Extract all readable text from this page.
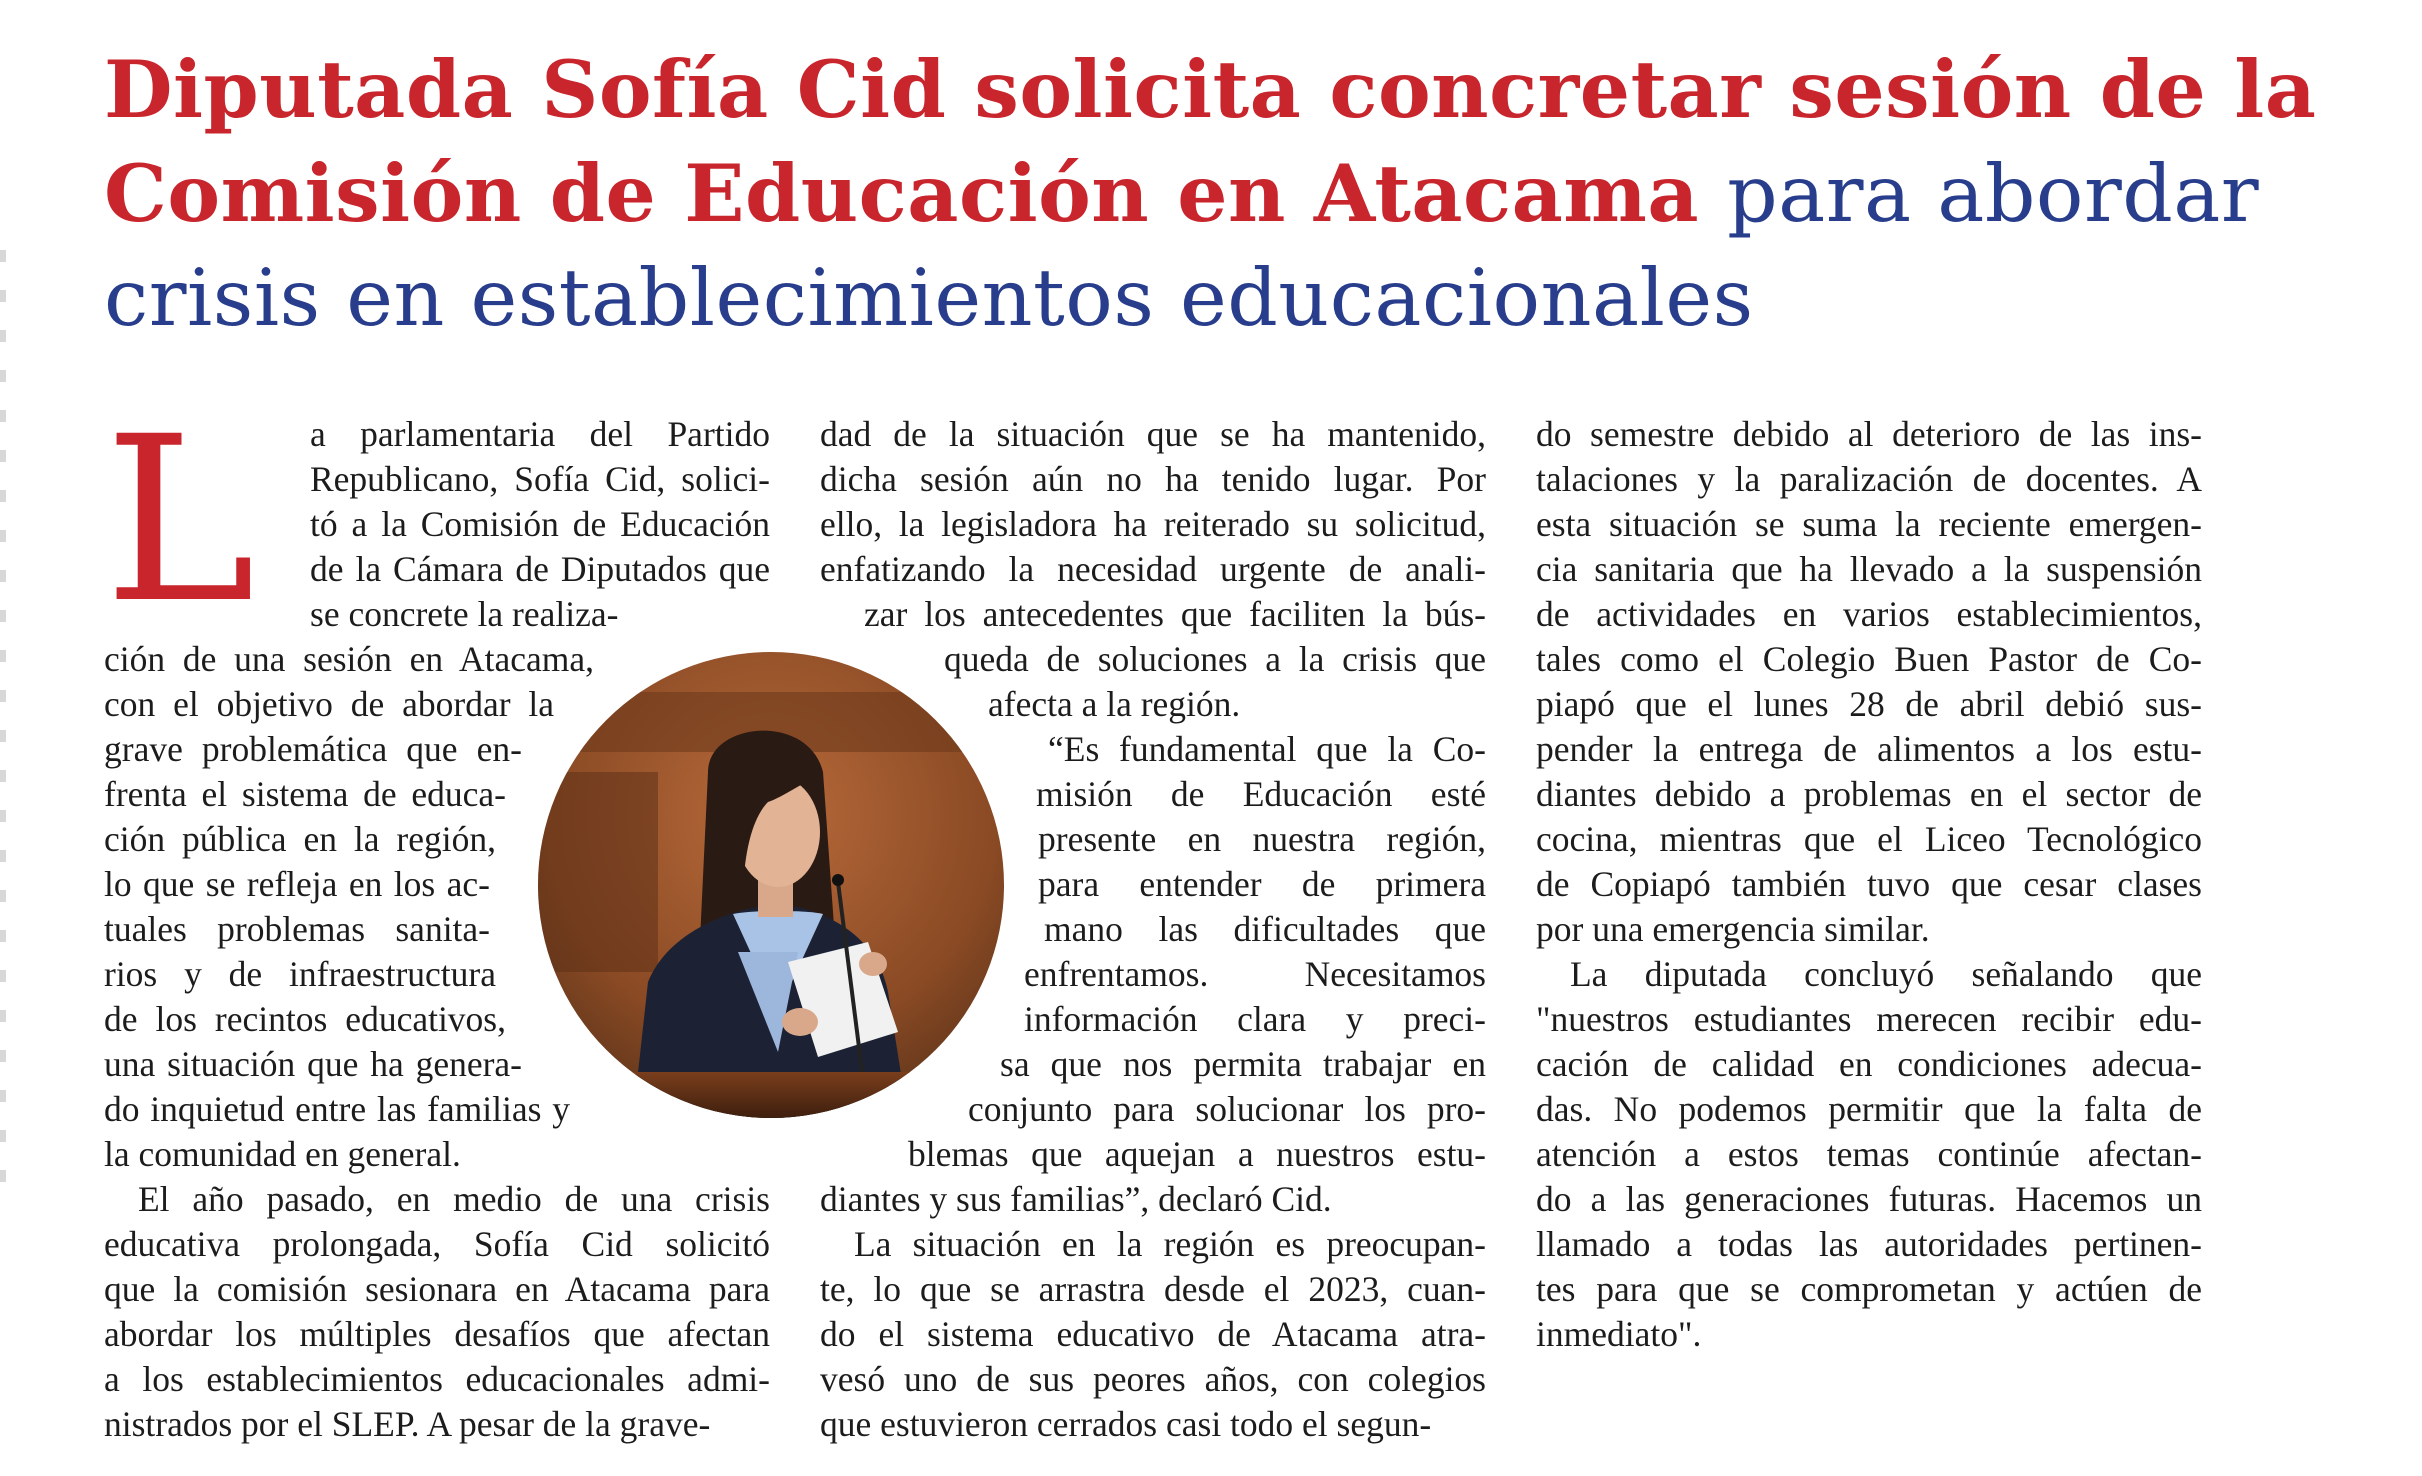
Diputada Sofía Cid solicita concretar sesión de la Comisión de Educación en Atacama para abordar crisis en establecimientos educacionales
L a parlamentaria del Partido
Republicano, Sofía Cid, solici-
tó a la Comisión de Educación
de la Cámara de Diputados que
se concrete la realiza-
ción de una sesión en Atacama,
con el objetivo de abordar la
grave problemática que en-
frenta el sistema de educa-
ción pública en la región,
lo que se refleja en los ac-
tuales problemas sanita-
rios y de infraestructura
de los recintos educativos,
una situación que ha genera-
do inquietud entre las familias y
la comunidad en general.
El año pasado, en medio de una crisis
educativa prolongada, Sofía Cid solicitó
que la comisión sesionara en Atacama para
abordar los múltiples desafíos que afectan
a los establecimientos educacionales admi-
nistrados por el SLEP. A pesar de la grave-
dad de la situación que se ha mantenido,
dicha sesión aún no ha tenido lugar. Por
ello, la legisladora ha reiterado su solicitud,
enfatizando la necesidad urgente de anali-
zar los antecedentes que faciliten la bús-
queda de soluciones a la crisis que
afecta a la región.
“Es fundamental que la Co-
misión de Educación esté
presente en nuestra región,
para entender de primera
mano las dificultades que
enfrentamos. Necesitamos
información clara y preci-
sa que nos permita trabajar en
conjunto para solucionar los pro-
blemas que aquejan a nuestros estu-
diantes y sus familias”, declaró Cid.
La situación en la región es preocupan-
te, lo que se arrastra desde el 2023, cuan-
do el sistema educativo de Atacama atra-
vesó uno de sus peores años, con colegios
que estuvieron cerrados casi todo el segun-
do semestre debido al deterioro de las ins-
talaciones y la paralización de docentes. A
esta situación se suma la reciente emergen-
cia sanitaria que ha llevado a la suspensión
de actividades en varios establecimientos,
tales como el Colegio Buen Pastor de Co-
piapó que el lunes 28 de abril debió sus-
pender la entrega de alimentos a los estu-
diantes debido a problemas en el sector de
cocina, mientras que el Liceo Tecnológico
de Copiapó también tuvo que cesar clases
por una emergencia similar.
La diputada concluyó señalando que
"nuestros estudiantes merecen recibir edu-
cación de calidad en condiciones adecua-
das. No podemos permitir que la falta de
atención a estos temas continúe afectan-
do a las generaciones futuras. Hacemos un
llamado a todas las autoridades pertinen-
tes para que se comprometan y actúen de
inmediato".
